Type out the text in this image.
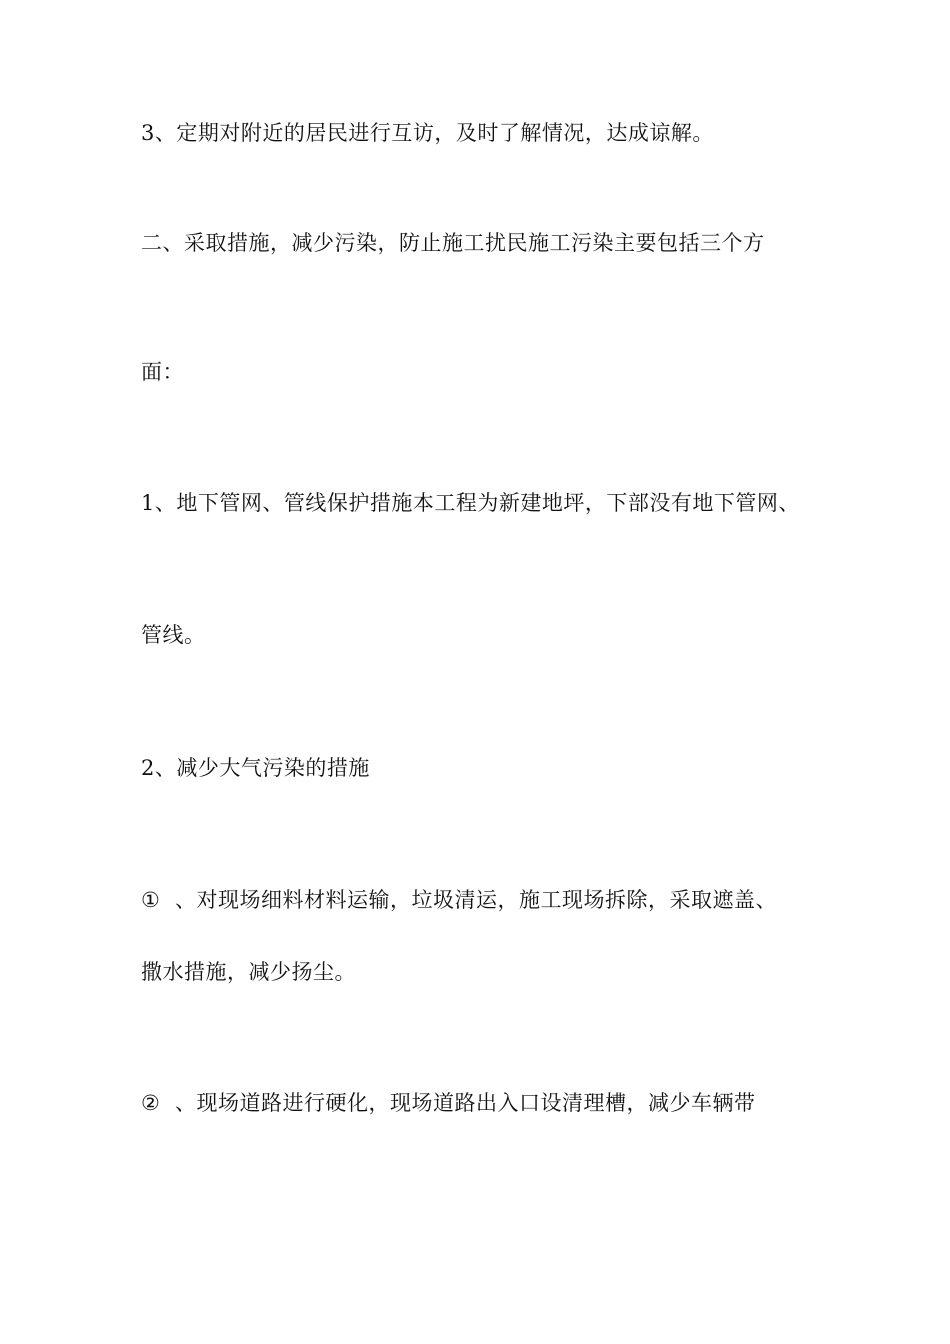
3、定期对附近的居民进行互访，及时了解情况，达成谅解。
二、采取措施，减少污染，防止施工扰民施工污染主要包括三个方
面：
1、地下管网、管线保护措施本工程为新建地坪，下部没有地下管网、
管线。
2、减少大气污染的措施
① 、对现场细料材料运输，垃圾清运，施工现场拆除，采取遮盖、
撒水措施，减少扬尘。
② 、现场道路进行硬化，现场道路出入口设清理槽，减少车辆带
